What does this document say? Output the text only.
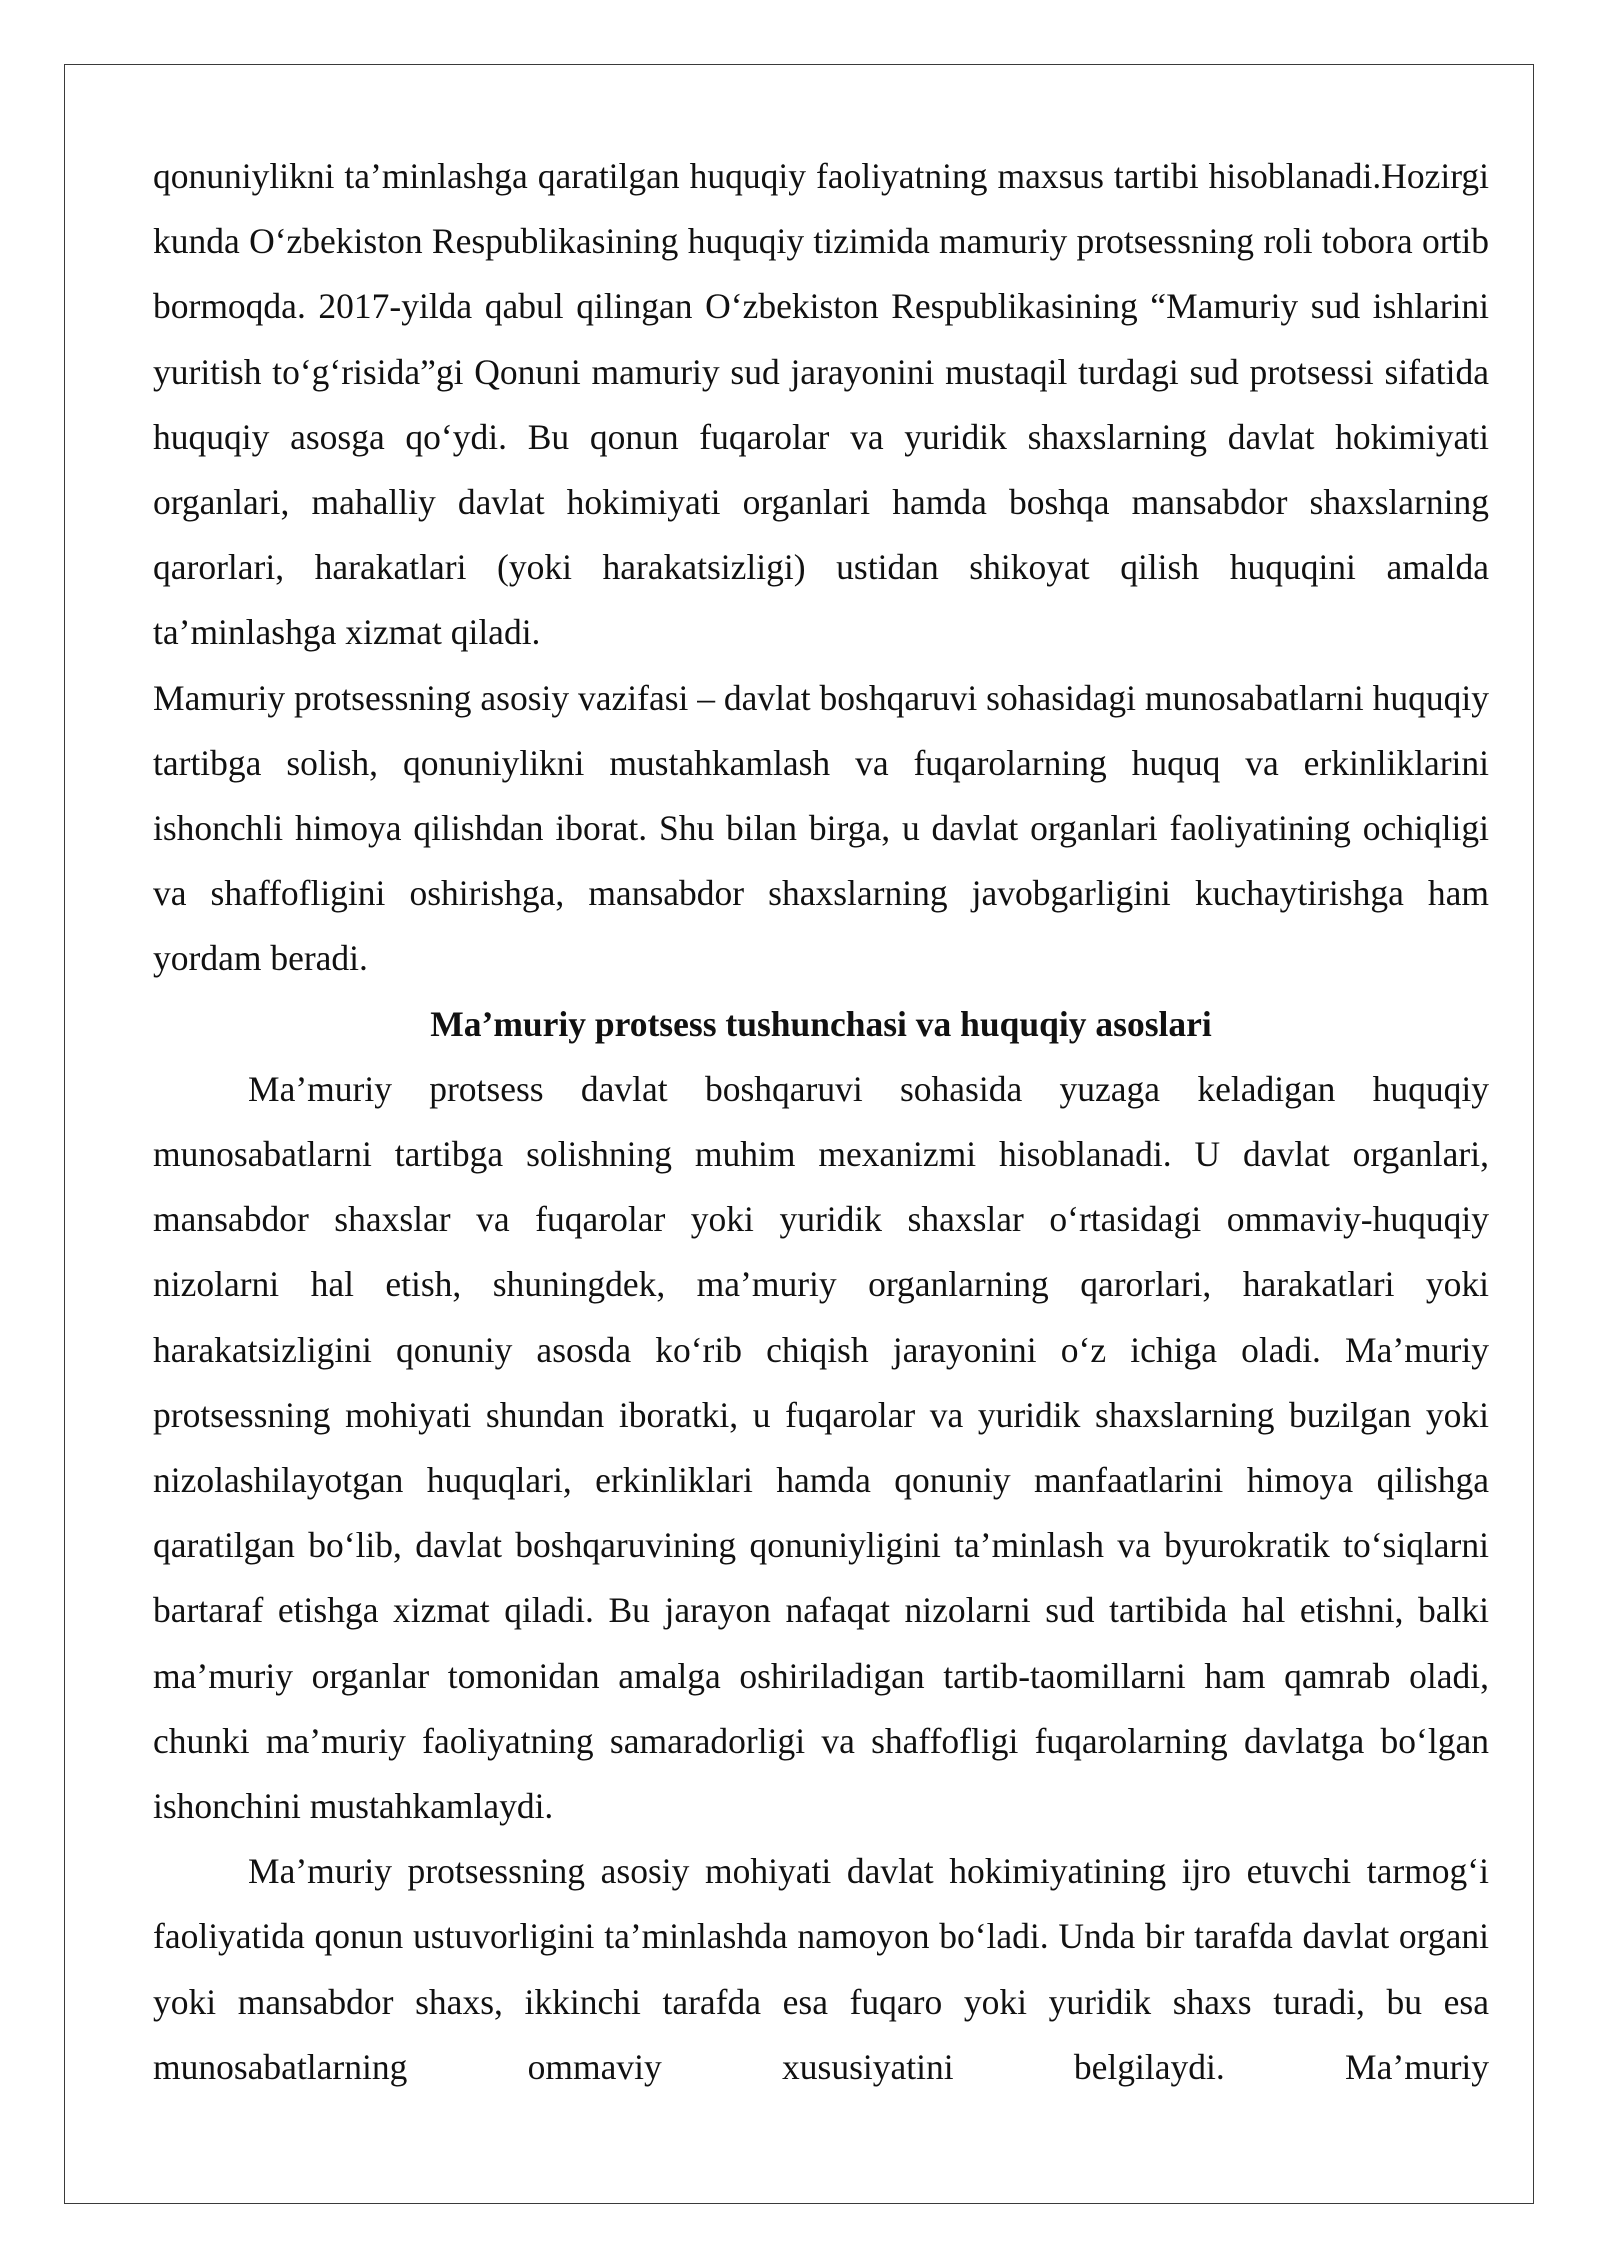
qonuniylikni ta’minlashga qaratilgan huquqiy faoliyatning maxsus tartibi hisoblanadi.Hozirgi kunda O‘zbekiston Respublikasining huquqiy tizimida mamuriy protsessning roli tobora ortib bormoqda. 2017-yilda qabul qilingan O‘zbekiston Respublikasining “Mamuriy sud ishlarini yuritish to‘g‘risida”gi Qonuni mamuriy sud jarayonini mustaqil turdagi sud protsessi sifatida huquqiy asosga qo‘ydi. Bu qonun fuqarolar va yuridik shaxslarning davlat hokimiyati organlari, mahalliy davlat hokimiyati organlari hamda boshqa mansabdor shaxslarning qarorlari, harakatlari (yoki harakatsizligi) ustidan shikoyat qilish huquqini amalda ta’minlashga xizmat qiladi.

Mamuriy protsessning asosiy vazifasi – davlat boshqaruvi sohasidagi munosabatlarni huquqiy tartibga solish, qonuniylikni mustahkamlash va fuqarolarning huquq va erkinliklarini ishonchli himoya qilishdan iborat. Shu bilan birga, u davlat organlari faoliyatining ochiqligi va shaffofligini oshirishga, mansabdor shaxslarning javobgarligini kuchaytirishga ham yordam beradi.

Ma’muriy protsess tushunchasi va huquqiy asoslari

Ma’muriy protsess davlat boshqaruvi sohasida yuzaga keladigan huquqiy munosabatlarni tartibga solishning muhim mexanizmi hisoblanadi. U davlat organlari, mansabdor shaxslar va fuqarolar yoki yuridik shaxslar o‘rtasidagi ommaviy-huquqiy nizolarni hal etish, shuningdek, ma’muriy organlarning qarorlari, harakatlari yoki harakatsizligini qonuniy asosda ko‘rib chiqish jarayonini o‘z ichiga oladi. Ma’muriy protsessning mohiyati shundan iboratki, u fuqarolar va yuridik shaxslarning buzilgan yoki nizolashilayotgan huquqlari, erkinliklari hamda qonuniy manfaatlarini himoya qilishga qaratilgan bo‘lib, davlat boshqaruvining qonuniyligini ta’minlash va byurokratik to‘siqlarni bartaraf etishga xizmat qiladi. Bu jarayon nafaqat nizolarni sud tartibida hal etishni, balki ma’muriy organlar tomonidan amalga oshiriladigan tartib-taomillarni ham qamrab oladi, chunki ma’muriy faoliyatning samaradorligi va shaffofligi fuqarolarning davlatga bo‘lgan ishonchini mustahkamlaydi.

Ma’muriy protsessning asosiy mohiyati davlat hokimiyatining ijro etuvchi tarmog‘i faoliyatida qonun ustuvorligini ta’minlashda namoyon bo‘ladi. Unda bir tarafda davlat organi yoki mansabdor shaxs, ikkinchi tarafda esa fuqaro yoki yuridik shaxs turadi, bu esa munosabatlarning ommaviy xususiyatini belgilaydi. Ma’muriy
